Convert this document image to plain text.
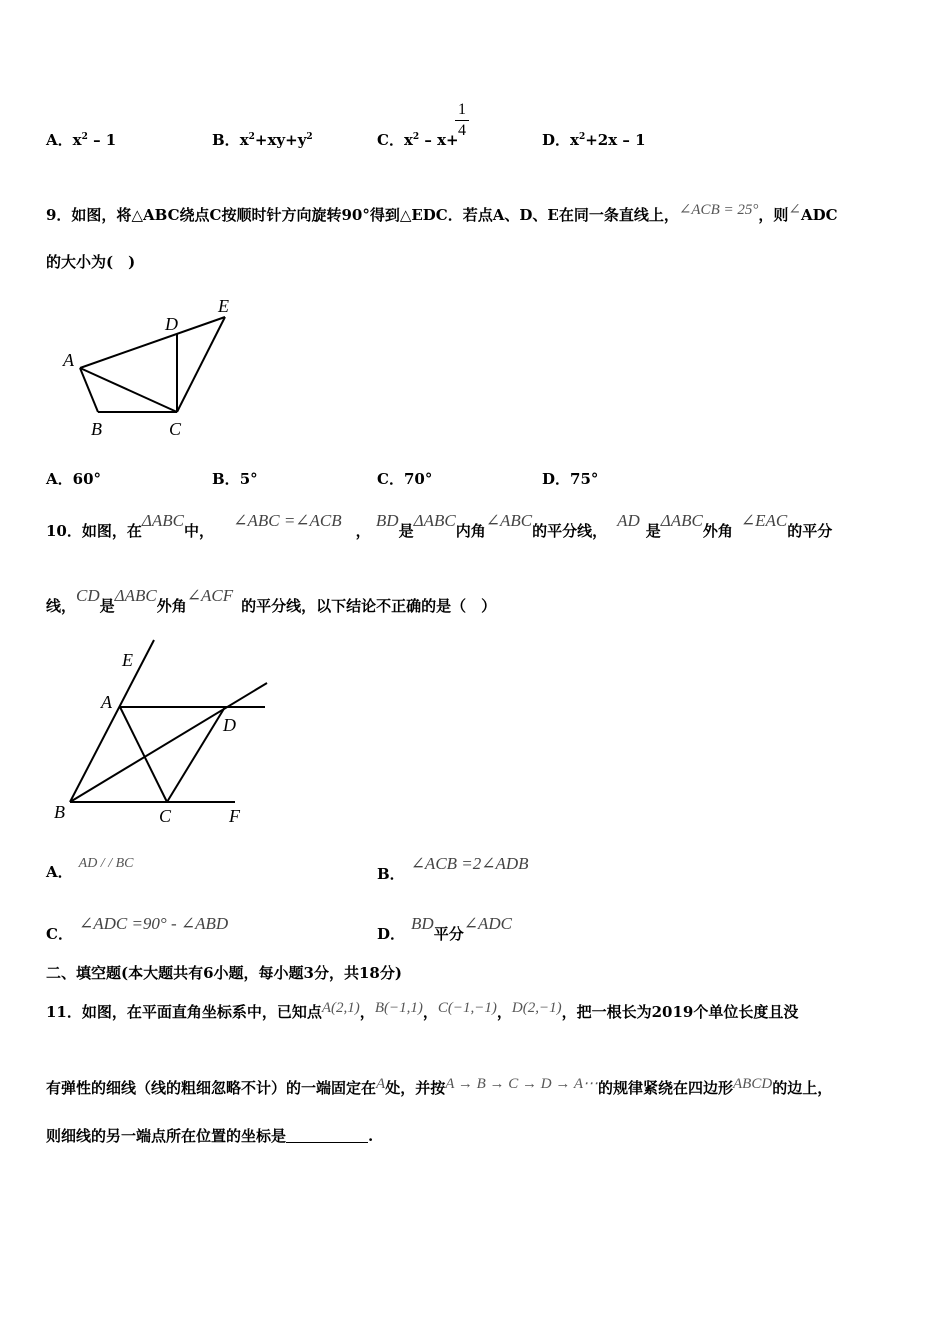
A．$x^2 - 1$	B．$x^2+xy+y^2$	C．$x^2 - x+$
1
4
D．$x^2+2x - 1$
9．如图，将△ABC绕点C按顺时针方向旋转90°得到△EDC．若点A、D、E在同一条直线上，∠ACB = 25°，则∠ADC
的大小为(　)
A
B	C
D
E
A．60°	B．5°	C．70°	D．75°
10．如图，在ΔABC中， ∠ABC =∠ACB， BD是ΔABC内角∠ABC的平分线，AD是ΔABC外角∠EAC的平分
线，CD是ΔABC外角∠ACF的平分线，以下结论不正确的是（　）
E
A
D
B	C	F
A． AD / / BC
B．∠ACB =2∠ADB
C．∠ADC =90° - ∠ABD
D．BD平分∠ADC
二、填空题(本大题共有6小题，每小题3分，共18分)
11．如图，在平面直角坐标系中，已知点A(2,1)，B(−1,1)，C(−1,−1)，D(2,−1)，把一根长为2019个单位长度且没
有弹性的细线（线的粗细忽略不计）的一端固定在A处，并按A → B → C → D → A⋯的规律紧绕在四边形ABCD的边上，
则细线的另一端点所在位置的坐标是	.
